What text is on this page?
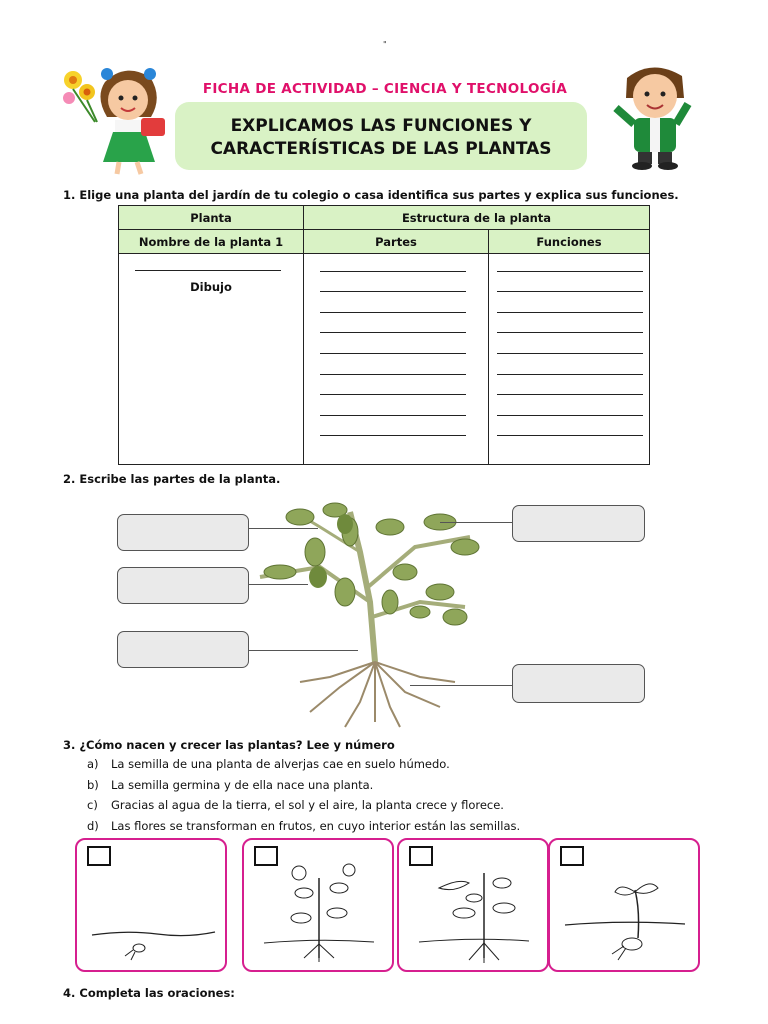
"
FICHA DE ACTIVIDAD – CIENCIA Y TECNOLOGÍA
EXPLICAMOS LAS FUNCIONES Y
CARACTERÍSTICAS DE LAS PLANTAS
1. Elige una planta del jardín de tu colegio o casa identifica sus partes y explica sus funciones.
Planta	Estructura de la planta	
Nombre de la planta 1	Partes	Funciones

Dibujo		

2. Escribe las partes de la planta.
3. ¿Cómo nacen y crecer las plantas? Lee y número
a) La semilla de una planta de alverjas cae en suelo húmedo.
b) La semilla germina y de ella nace una planta.
c) Gracias al agua de la tierra, el sol y el aire, la planta crece y florece.
d) Las flores se transforman en frutos, en cuyo interior están las semillas.
4. Completa las oraciones:
